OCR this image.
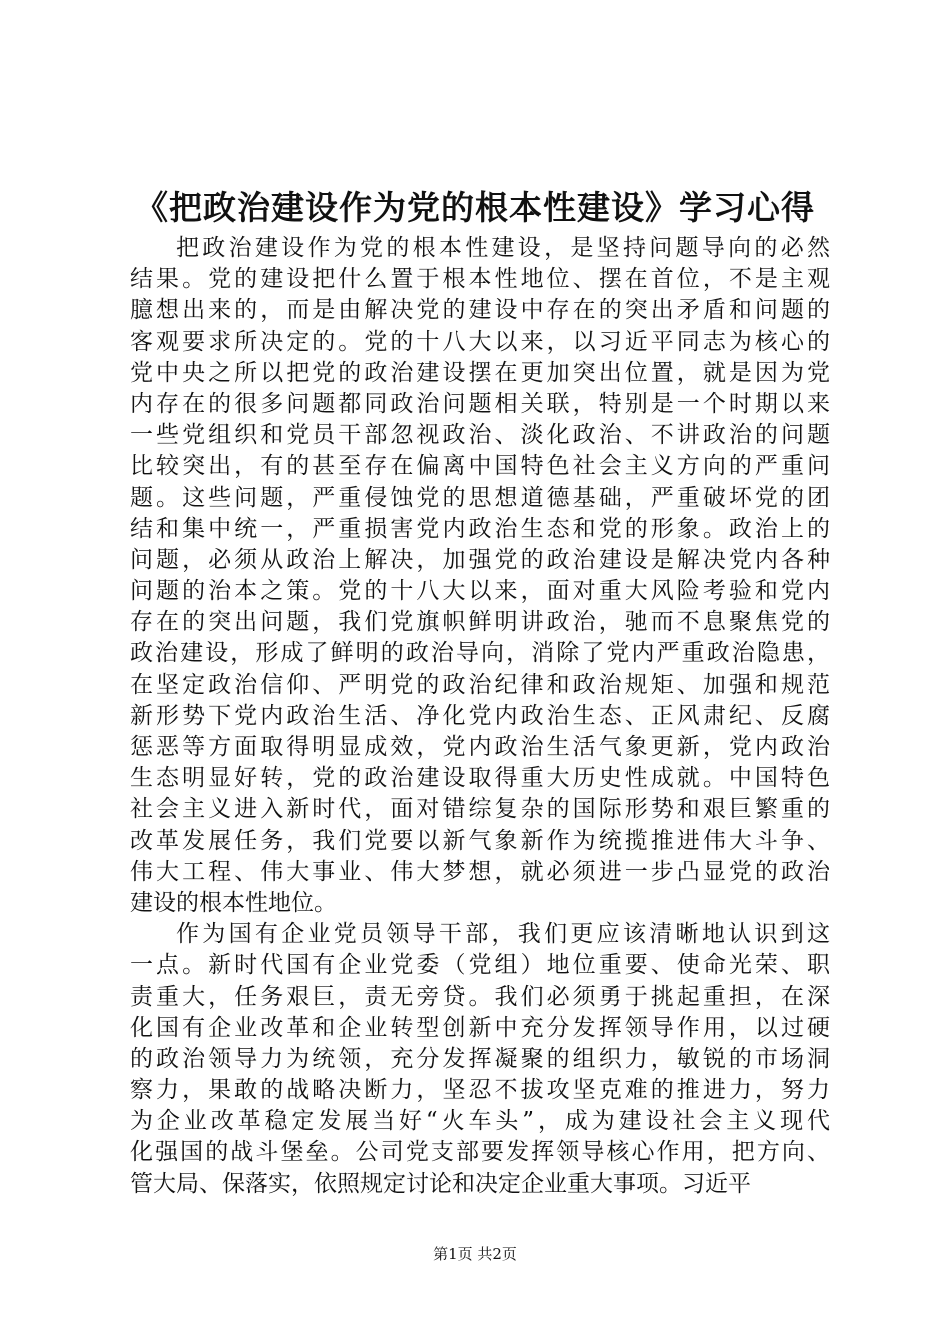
《把政治建设作为党的根本性建设》学习心得
把政治建设作为党的根本性建设，是坚持问题导向的必然
结果。党的建设把什么置于根本性地位、摆在首位，不是主观
臆想出来的，而是由解决党的建设中存在的突出矛盾和问题的
客观要求所决定的。党的十八大以来，以习近平同志为核心的
党中央之所以把党的政治建设摆在更加突出位置，就是因为党
内存在的很多问题都同政治问题相关联，特别是一个时期以来
一些党组织和党员干部忽视政治、淡化政治、不讲政治的问题
比较突出，有的甚至存在偏离中国特色社会主义方向的严重问
题。这些问题，严重侵蚀党的思想道德基础，严重破坏党的团
结和集中统一，严重损害党内政治生态和党的形象。政治上的
问题，必须从政治上解决，加强党的政治建设是解决党内各种
问题的治本之策。党的十八大以来，面对重大风险考验和党内
存在的突出问题，我们党旗帜鲜明讲政治，驰而不息聚焦党的
政治建设，形成了鲜明的政治导向，消除了党内严重政治隐患，
在坚定政治信仰、严明党的政治纪律和政治规矩、加强和规范
新形势下党内政治生活、净化党内政治生态、正风肃纪、反腐
惩恶等方面取得明显成效，党内政治生活气象更新，党内政治
生态明显好转，党的政治建设取得重大历史性成就。中国特色
社会主义进入新时代，面对错综复杂的国际形势和艰巨繁重的
改革发展任务，我们党要以新气象新作为统揽推进伟大斗争、
伟大工程、伟大事业、伟大梦想，就必须进一步凸显党的政治
建设的根本性地位。
作为国有企业党员领导干部，我们更应该清晰地认识到这
一点。新时代国有企业党委（党组）地位重要、使命光荣、职
责重大，任务艰巨，责无旁贷。我们必须勇于挑起重担，在深
化国有企业改革和企业转型创新中充分发挥领导作用，以过硬
的政治领导力为统领，充分发挥凝聚的组织力，敏锐的市场洞
察力，果敢的战略决断力，坚忍不拔攻坚克难的推进力，努力
为企业改革稳定发展当好“火车头”，成为建设社会主义现代
化强国的战斗堡垒。公司党支部要发挥领导核心作用，把方向、
管大局、保落实，依照规定讨论和决定企业重大事项。习近平
第1页 共2页
